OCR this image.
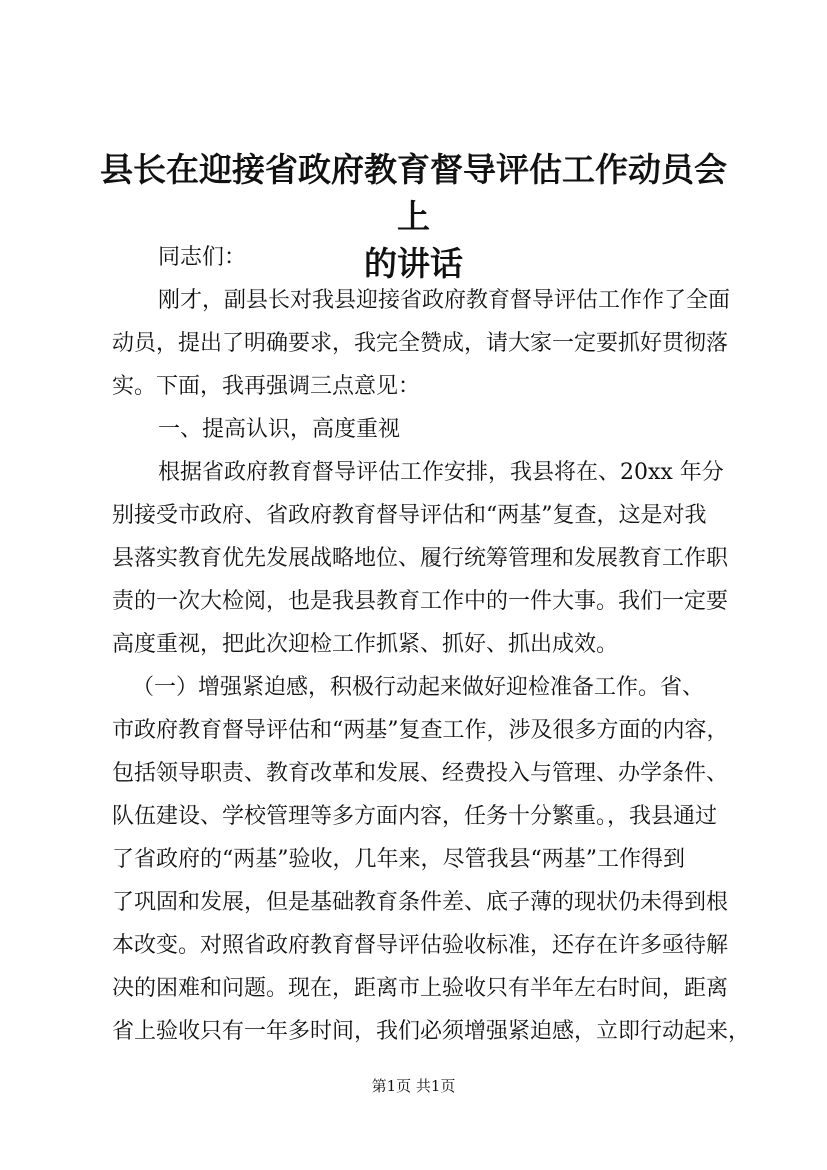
县长在迎接省政府教育督导评估工作动员会上
的讲话
同志们：
刚才，副县长对我县迎接省政府教育督导评估工作作了全面
动员，提出了明确要求，我完全赞成，请大家一定要抓好贯彻落
实。下面，我再强调三点意见：
一、提高认识，高度重视
根据省政府教育督导评估工作安排，我县将在、20xx 年分
别接受市政府、省政府教育督导评估和“两基”复查，这是对我
县落实教育优先发展战略地位、履行统筹管理和发展教育工作职
责的一次大检阅，也是我县教育工作中的一件大事。我们一定要
高度重视，把此次迎检工作抓紧、抓好、抓出成效。
（一）增强紧迫感，积极行动起来做好迎检准备工作。省、
市政府教育督导评估和“两基”复查工作，涉及很多方面的内容，
包括领导职责、教育改革和发展、经费投入与管理、办学条件、
队伍建设、学校管理等多方面内容，任务十分繁重。，我县通过
了省政府的“两基”验收，几年来，尽管我县“两基”工作得到
了巩固和发展，但是基础教育条件差、底子薄的现状仍未得到根
本改变。对照省政府教育督导评估验收标准，还存在许多亟待解
决的困难和问题。现在，距离市上验收只有半年左右时间，距离
省上验收只有一年多时间，我们必须增强紧迫感，立即行动起来，
第1页 共1页
